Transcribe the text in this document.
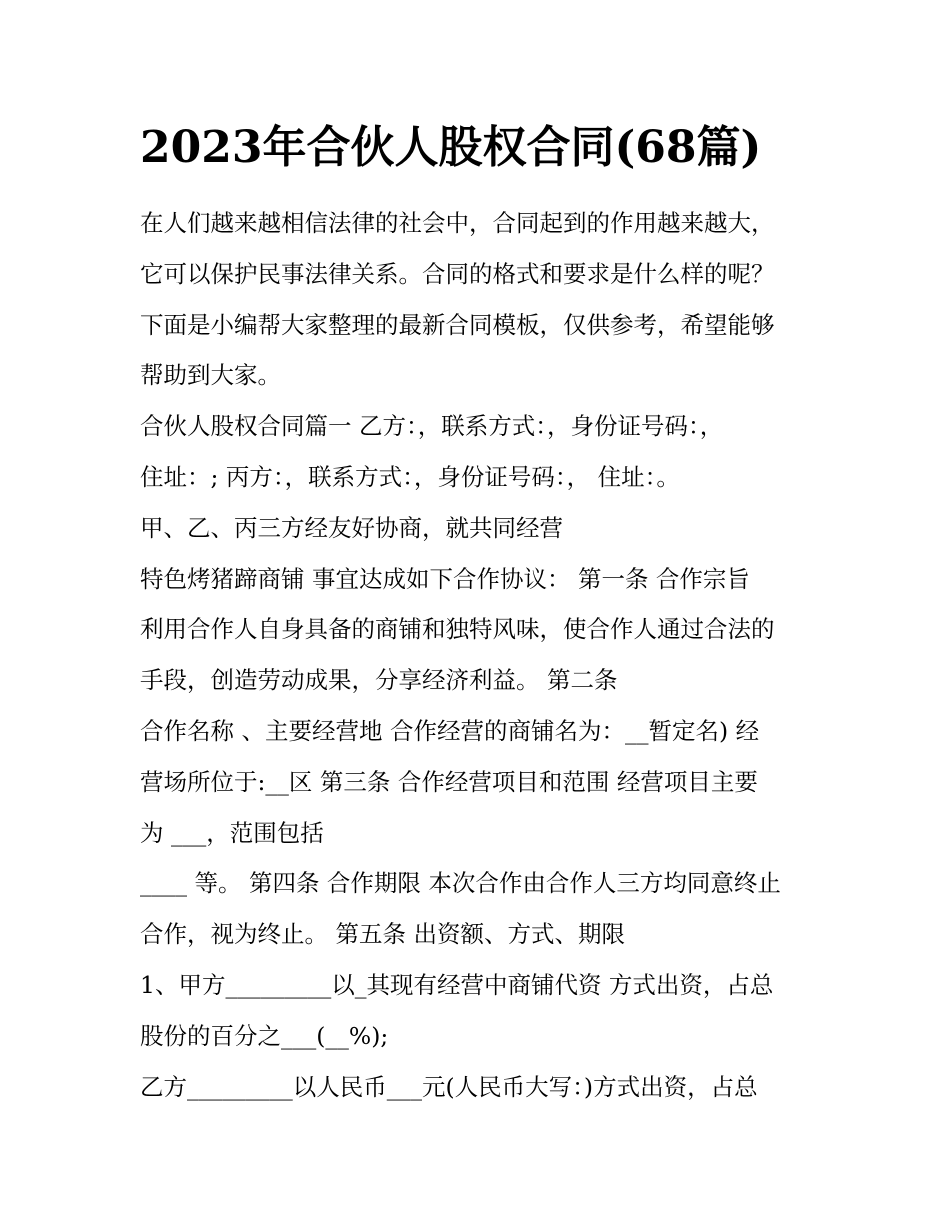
2023年合伙人股权合同(68篇)
在人们越来越相信法律的社会中，合同起到的作用越来越大，
它可以保护民事法律关系。合同的格式和要求是什么样的呢？
下面是小编帮大家整理的最新合同模板，仅供参考，希望能够
帮助到大家。
合伙人股权合同篇一 乙方：，联系方式：，身份证号码：，
住址：; 丙方：，联系方式：，身份证号码：， 住址：。
甲、乙、丙三方经友好协商，就共同经营
特色烤猪蹄商铺 事宜达成如下合作协议： 第一条 合作宗旨
利用合作人自身具备的商铺和独特风味，使合作人通过合法的
手段，创造劳动成果，分享经济利益。 第二条
合作名称 、主要经营地 合作经营的商铺名为：__暂定名) 经
营场所位于:__区 第三条 合作经营项目和范围 经营项目主要
为 ___，范围包括
____ 等。 第四条 合作期限 本次合作由合作人三方均同意终止
合作，视为终止。 第五条 出资额、方式、期限
1、甲方_________以_其现有经营中商铺代资 方式出资，占总
股份的百分之___(__%);
乙方_________以人民币___元(人民币大写：)方式出资，占总
